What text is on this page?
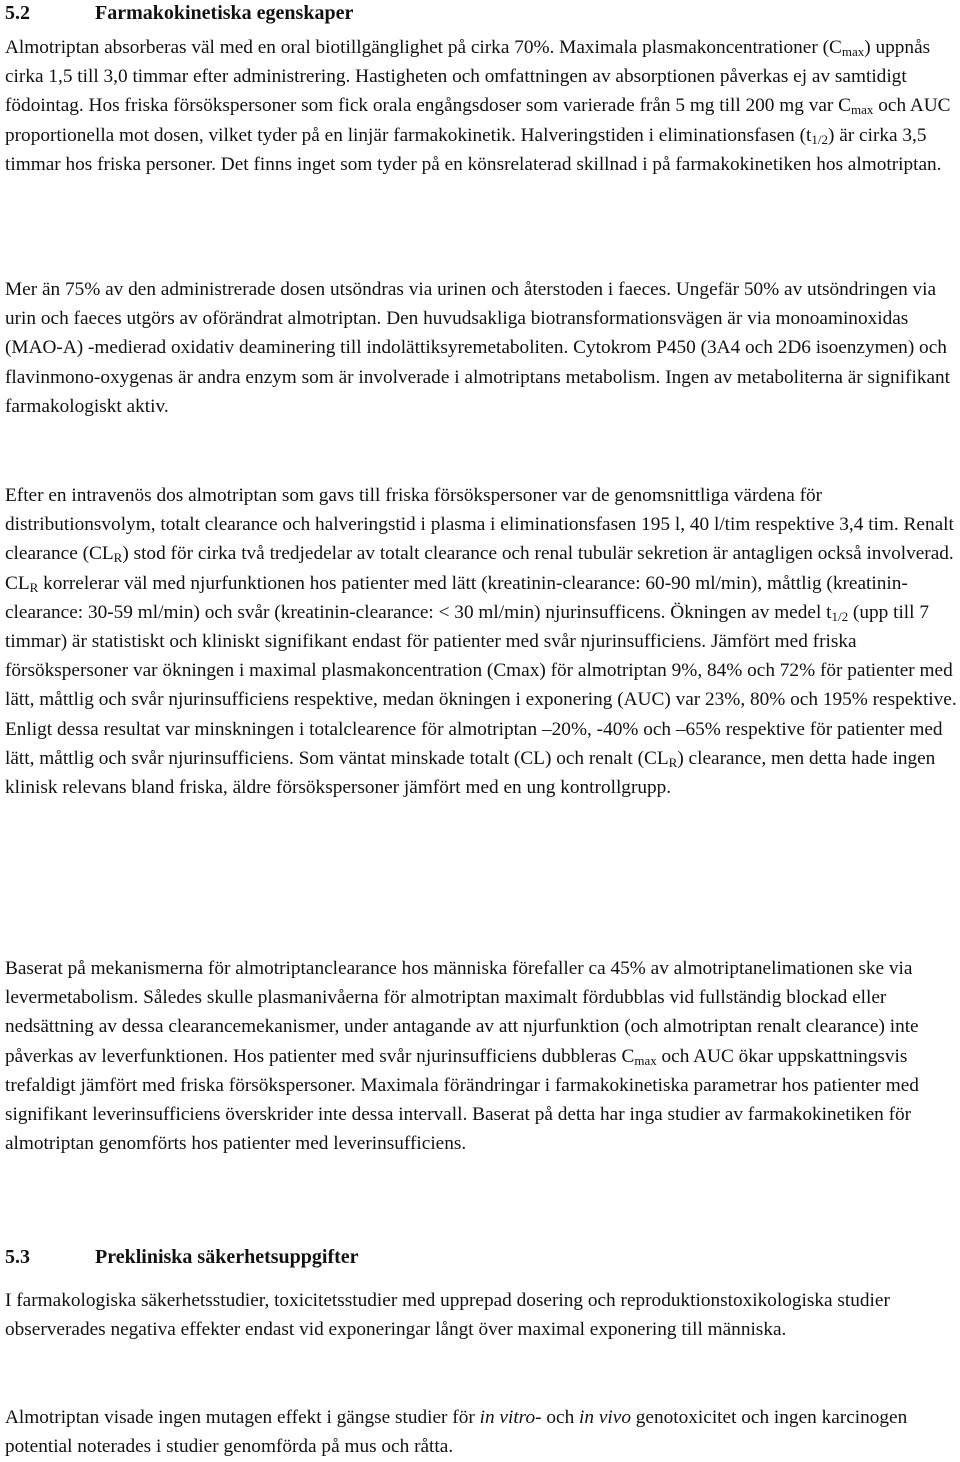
5.2	Farmakokinetiska egenskaper

Almotriptan absorberas väl med en oral biotillgänglighet på cirka 70%. Maximala plasmakoncentrationer $(C_{max})$ uppnås cirka 1,5 till 3,0 timmar efter administrering. Hastigheten och omfattningen av absorptionen påverkas ej av samtidigt födointag. Hos friska försökspersoner som fick orala engångsdoser som varierade från 5 mg till 200 mg var $C_{max}$ och AUC proportionella mot dosen, vilket tyder på en linjär farmakokinetik. Halveringstiden i eliminationsfasen $(t_{1/2})$ är cirka 3,5 timmar hos friska personer. Det finns inget som tyder på en könsrelaterad skillnad i på farmakokinetiken hos almotriptan.

Mer än 75% av den administrerade dosen utsöndras via urinen och återstoden i faeces. Ungefär 50% av utsöndringen via urin och faeces utgörs av oförändrat almotriptan. Den huvudsakliga biotransformationsvägen är via monoaminoxidas (MAO-A) -medierad oxidativ deaminering till indolättiksyremetaboliten. Cytokrom P450 (3A4 och 2D6 isoenzymen) och flavinmono-oxygenas är andra enzym som är involverade i almotriptans metabolism. Ingen av metaboliterna är signifikant farmakologiskt aktiv.

Efter en intravenös dos almotriptan som gavs till friska försökspersoner var de genomsnittliga värdena för distributionsvolym, totalt clearance och halveringstid i plasma i eliminationsfasen 195 l, 40 l/tim respektive 3,4 tim. Renalt clearance $(CL_R)$ stod för cirka två tredjedelar av totalt clearance och renal tubulär sekretion är antagligen också involverad. $CL_R$ korrelerar väl med njurfunktionen hos patienter med lätt (kreatinin-clearance: 60-90 ml/min), måttlig (kreatinin-clearance: 30-59 ml/min) och svår (kreatinin-clearance: < 30 ml/min) njurinsufficens. Ökningen av medel $t_{1/2}$ (upp till 7 timmar) är statistiskt och kliniskt signifikant endast för patienter med svår njurinsufficiens. Jämfört med friska försökspersoner var ökningen i maximal plasmakoncentration (Cmax) för almotriptan 9%, 84% och 72% för patienter med lätt, måttlig och svår njurinsufficiens respektive, medan ökningen i exponering (AUC) var 23%, 80% och 195% respektive. Enligt dessa resultat var minskningen i totalclearence för almotriptan –20%, -40% och –65% respektive för patienter med lätt, måttlig och svår njurinsufficiens. Som väntat minskade totalt (CL) och renalt $(CL_R)$ clearance, men detta hade ingen klinisk relevans bland friska, äldre försökspersoner jämfört med en ung kontrollgrupp.

Baserat på mekanismerna för almotriptanclearance hos människa förefaller ca 45% av almotriptanelimationen ske via levermetabolism. Således skulle plasmanivåerna för almotriptan maximalt fördubblas vid fullständig blockad eller nedsättning av dessa clearancemekanismer, under antagande av att njurfunktion (och almotriptan renalt clearance) inte påverkas av leverfunktionen. Hos patienter med svår njurinsufficiens dubbleras $C_{max}$ och AUC ökar uppskattningsvis trefaldigt jämfört med friska försökspersoner. Maximala förändringar i farmakokinetiska parametrar hos patienter med signifikant leverinsufficiens överskrider inte dessa intervall. Baserat på detta har inga studier av farmakokinetiken för almotriptan genomförts hos patienter med leverinsufficiens.

5.3	Prekliniska säkerhetsuppgifter

I farmakologiska säkerhetsstudier, toxicitetsstudier med upprepad dosering och reproduktionstoxikologiska studier observerades negativa effekter endast vid exponeringar långt över maximal exponering till människa.

Almotriptan visade ingen mutagen effekt i gängse studier för in vitro- och in vivo genotoxicitet och ingen karcinogen potential noterades i studier genomförda på mus och råtta.
